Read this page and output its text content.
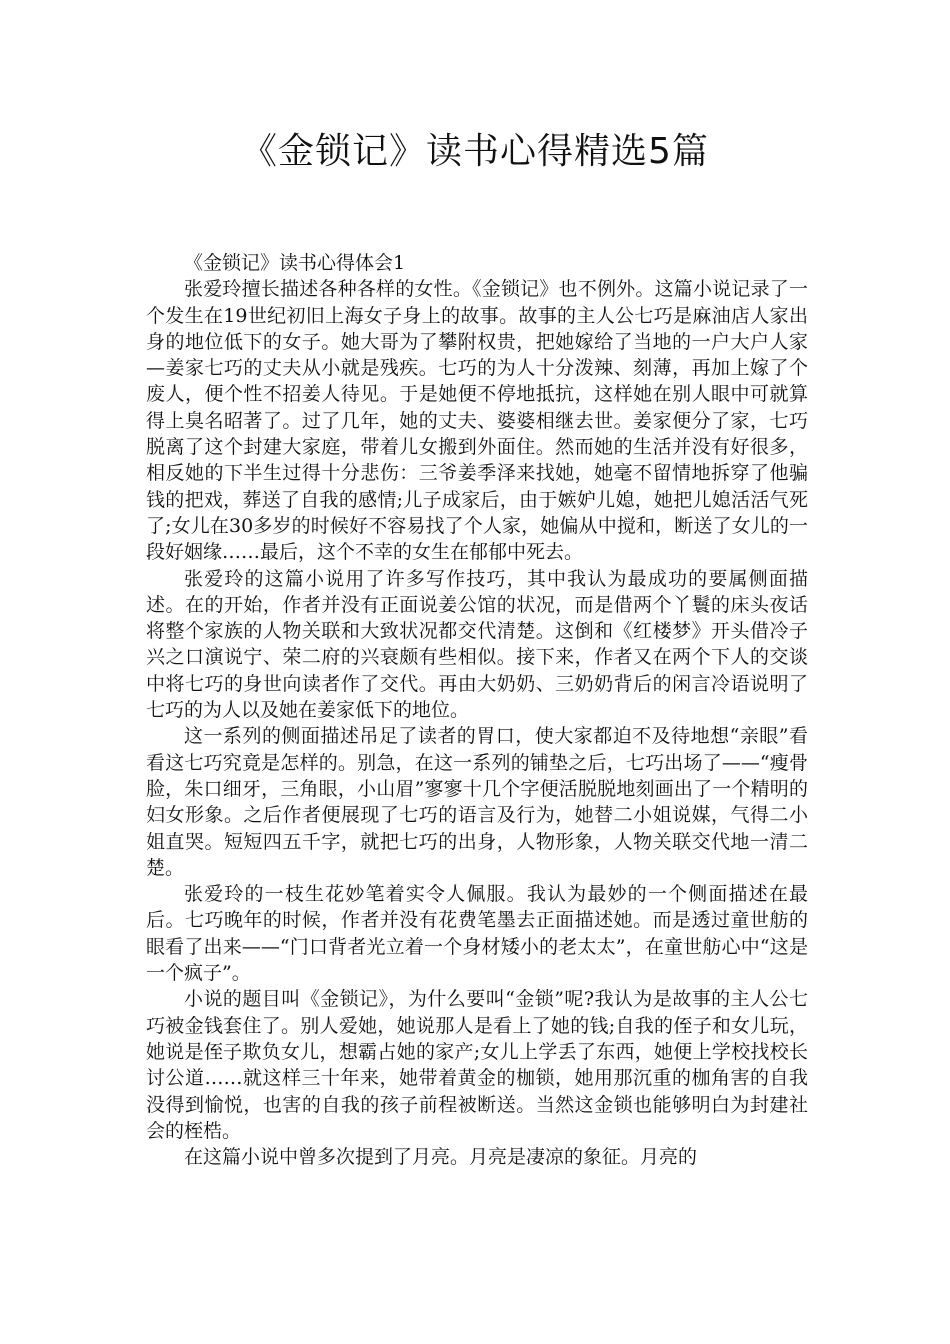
《金锁记》读书心得精选5篇

《金锁记》读书心得体会1

张爱玲擅长描述各种各样的女性。《金锁记》也不例外。这篇小说记录了一个发生在19世纪初旧上海女子身上的故事。故事的主人公七巧是麻油店人家出身的地位低下的女子。她大哥为了攀附权贵，把她嫁给了当地的一户大户人家—姜家七巧的丈夫从小就是残疾。七巧的为人十分泼辣、刻薄，再加上嫁了个废人，便个性不招姜人待见。于是她便不停地抵抗，这样她在别人眼中可就算得上臭名昭著了。过了几年，她的丈夫、婆婆相继去世。姜家便分了家，七巧脱离了这个封建大家庭，带着儿女搬到外面住。然而她的生活并没有好很多，相反她的下半生过得十分悲伤：三爷姜季泽来找她，她毫不留情地拆穿了他骗钱的把戏，葬送了自我的感情;儿子成家后，由于嫉妒儿媳，她把儿媳活活气死了;女儿在30多岁的时候好不容易找了个人家，她偏从中搅和，断送了女儿的一段好姻缘……最后，这个不幸的女生在郁郁中死去。

张爱玲的这篇小说用了许多写作技巧，其中我认为最成功的要属侧面描述。在的开始，作者并没有正面说姜公馆的状况，而是借两个丫鬟的床头夜话将整个家族的人物关联和大致状况都交代清楚。这倒和《红楼梦》开头借冷子兴之口演说宁、荣二府的兴衰颇有些相似。接下来，作者又在两个下人的交谈中将七巧的身世向读者作了交代。再由大奶奶、三奶奶背后的闲言冷语说明了七巧的为人以及她在姜家低下的地位。

这一系列的侧面描述吊足了读者的胃口，使大家都迫不及待地想“亲眼”看看这七巧究竟是怎样的。别急，在这一系列的铺垫之后，七巧出场了——“瘦骨脸，朱口细牙，三角眼，小山眉”寥寥十几个字便活脱脱地刻画出了一个精明的妇女形象。之后作者便展现了七巧的语言及行为，她替二小姐说媒，气得二小姐直哭。短短四五千字，就把七巧的出身，人物形象，人物关联交代地一清二楚。

张爱玲的一枝生花妙笔着实令人佩服。我认为最妙的一个侧面描述在最后。七巧晚年的时候，作者并没有花费笔墨去正面描述她。而是透过童世舫的眼看了出来——“门口背者光立着一个身材矮小的老太太”，在童世舫心中“这是一个疯子”。

小说的题目叫《金锁记》，为什么要叫“金锁”呢?我认为是故事的主人公七巧被金钱套住了。别人爱她，她说那人是看上了她的钱;自我的侄子和女儿玩，她说是侄子欺负女儿，想霸占她的家产;女儿上学丢了东西，她便上学校找校长讨公道……就这样三十年来，她带着黄金的枷锁，她用那沉重的枷角害的自我没得到愉悦，也害的自我的孩子前程被断送。当然这金锁也能够明白为封建社会的桎梏。

在这篇小说中曾多次提到了月亮。月亮是凄凉的象征。月亮的
